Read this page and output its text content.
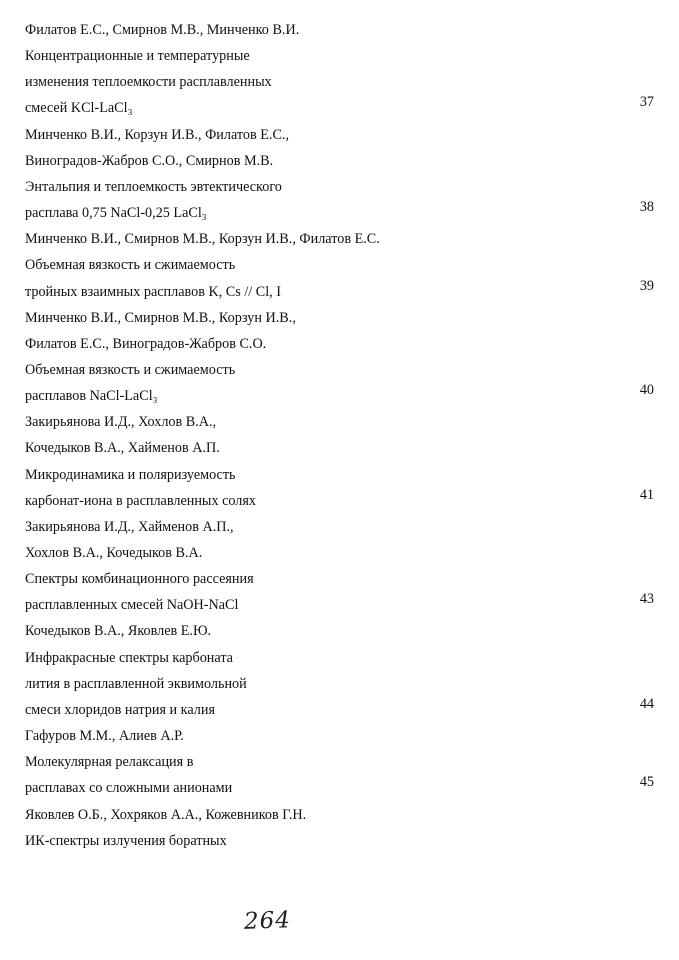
Филатов Е.С., Смирнов М.В., Минченко В.И.
Концентрационные и температурные
изменения теплоемкости расплавленных
смесей KCl-LaCl₃	37
Минченко В.И., Корзун И.В., Филатов Е.С.,
Виноградов-Жабров С.О., Смирнов М.В.
Энтальпия и теплоемкость эвтектического
расплава 0,75 NaCl-0,25 LaCl₃	38
Минченко В.И., Смирнов М.В., Корзун И.В., Филатов Е.С.
Объемная вязкость и сжимаемость
тройных взаимных расплавов K, Cs // Cl, I	39
Минченко В.И., Смирнов М.В., Корзун И.В.,
Филатов Е.С., Виноградов-Жабров С.О.
Объемная вязкость и сжимаемость
расплавов NaCl-LaCl₃	40
Закирьянова И.Д., Хохлов В.А.,
Кочедыков В.А., Хайменов А.П.
Микродинамика и поляризуемость
карбонат-иона в расплавленных солях	41
Закирьянова И.Д., Хайменов А.П.,
Хохлов В.А., Кочедыков В.А.
Спектры комбинационного рассеяния
расплавленных смесей NaOH-NaCl	43
Кочедыков В.А., Яковлев Е.Ю.
Инфракрасные спектры карбоната
лития в расплавленной эквимольной
смеси хлоридов натрия и калия	44
Гафуров М.М., Алиев А.Р.
Молекулярная релаксация в
расплавах со сложными анионами	45
Яковлев О.Б., Хохряков А.А., Кожевников Г.Н.
ИК-спектры излучения боратных
264
